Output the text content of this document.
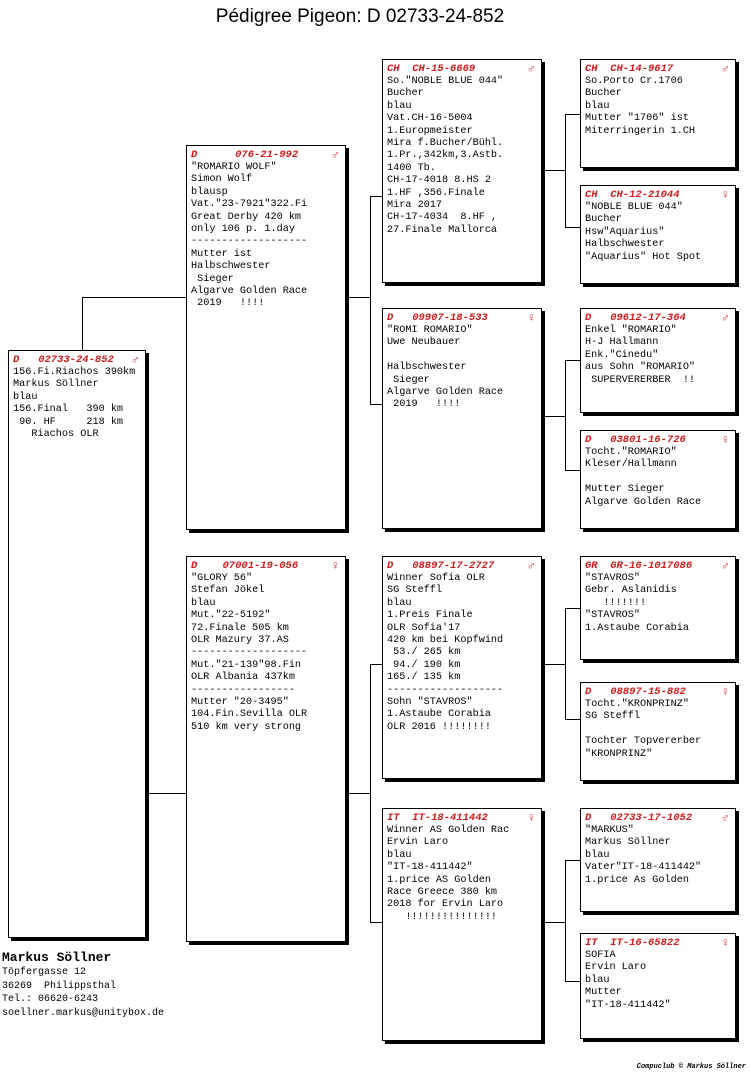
Pédigree Pigeon: D 02733-24-852
D   02733-24-852 ♂
156.Fi.Riachos 390km
Markus Söllner
blau
156.Final   390 km
90. HF     218 km
Riachos OLR
D      076-21-992	♂
"ROMARIO WOLF"
Simon Wolf
blausp
Vat."23-7921"322.Fi
Great Derby 420 km
only 106 p. 1.day
-------------------
Mutter ist
Halbschwester
Sieger
Algarve Golden Race
2019   !!!!
D    07001-19-056	♀
"GLORY 56"
Stefan Jökel
blau
Mut."22-5192"
72.Finale 505 km
OLR Mazury 37.AS
-------------------
Mut."21-139"98.Fin
OLR Albania 437km
-----------------
Mutter "20-3495"
104.Fin.Sevilla OLR
510 km very strong
CH  CH-15-6669	♂
So."NOBLE BLUE 044"
Bucher
blau
Vat.CH-16-5004
1.Europmeister
Mira f.Bucher/Bühl.
1.Pr.,342km,3.Astb.
1400 Tb.
CH-17-4018 8.HS 2
1.HF ,356.Finale
Mira 2017
CH-17-4034  8.HF ,
27.Finale Mallorca
D   09907-18-533	♀
"ROMI ROMARIO"
Uwe Neubauer
Halbschwester
Sieger
Algarve Golden Race
2019   !!!!
D   08897-17-2727	♂
Winner Sofia OLR
SG Steffl
blau
1.Preis Finale
OLR Sofia'17
420 km bei Kopfwind
53./ 265 km
94./ 190 km
165./ 135 km
-------------------
Sohn "STAVROS"
1.Astaube Corabia
OLR 2016 !!!!!!!!
IT  IT-18-411442	♀
Winner AS Golden Rac
Ervin Laro
blau
"IT-18-411442"
1.price AS Golden
Race Greece 380 km
2018 for Ervin Laro
!!!!!!!!!!!!!!!
CH  CH-14-9617	♂
So.Porto Cr.1706
Bucher
blau
Mutter "1706" ist
Miterringerin 1.CH
CH  CH-12-21044	♀
"NOBLE BLUE 044"
Bucher
Hsw"Aquarius"
Halbschwester
"Aquarius" Hot Spot
D   09612-17-364	♂
Enkel "ROMARIO"
H-J Hallmann
Enk."Cinedu"
aus Sohn "ROMARIO"
SUPERVERERBER  !!
D   03801-16-726	♀
Tocht."ROMARIO"
Kleser/Hallmann
Mutter Sieger
Algarve Golden Race
GR  GR-16-1017086 ♂
"STAVROS"
Gebr. Aslanidis
!!!!!!!
"STAVROS"
1.Astaube Corabia
D   08897-15-882	♀
Tocht."KRONPRINZ"
SG Steffl
Tochter Topvererber
"KRONPRINZ"
D   02733-17-1052 ♂
"MARKUS"
Markus Söllner
blau
Vater"IT-18-411442"
1.price As Golden
IT  IT-16-65822	♀
SOFIA
Ervin Laro
blau
Mutter
"IT-18-411442"
Markus Söllner
Töpfergasse 12
36269  Philippsthal
Tel.: 06620-6243
soellner.markus@unitybox.de
Compuclub © Markus Söllner
